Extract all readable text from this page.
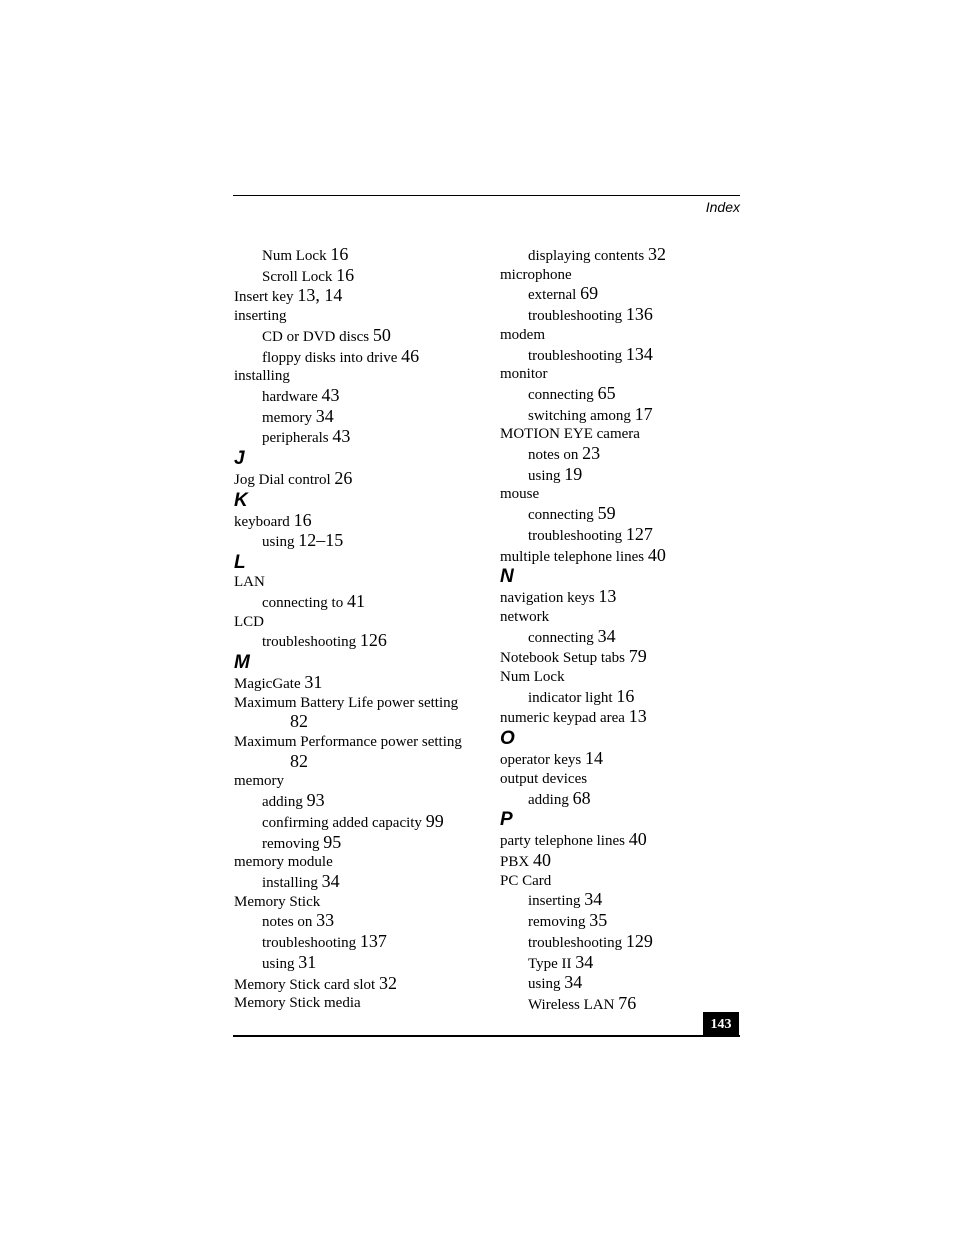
Index
Num Lock 16
Scroll Lock 16
Insert key 13, 14
inserting
CD or DVD discs 50
floppy disks into drive 46
installing
hardware 43
memory 34
peripherals 43
J
Jog Dial control 26
K
keyboard 16
using 12–15
L
LAN
connecting to 41
LCD
troubleshooting 126
M
MagicGate 31
Maximum Battery Life power setting
82
Maximum Performance power setting
82
memory
adding 93
confirming added capacity 99
removing 95
memory module
installing 34
Memory Stick
notes on 33
troubleshooting 137
using 31
Memory Stick card slot 32
Memory Stick media
displaying contents 32
microphone
external 69
troubleshooting 136
modem
troubleshooting 134
monitor
connecting 65
switching among 17
MOTION EYE camera
notes on 23
using 19
mouse
connecting 59
troubleshooting 127
multiple telephone lines 40
N
navigation keys 13
network
connecting 34
Notebook Setup tabs 79
Num Lock
indicator light 16
numeric keypad area 13
O
operator keys 14
output devices
adding 68
P
party telephone lines 40
PBX 40
PC Card
inserting 34
removing 35
troubleshooting 129
Type II 34
using 34
Wireless LAN 76
143
